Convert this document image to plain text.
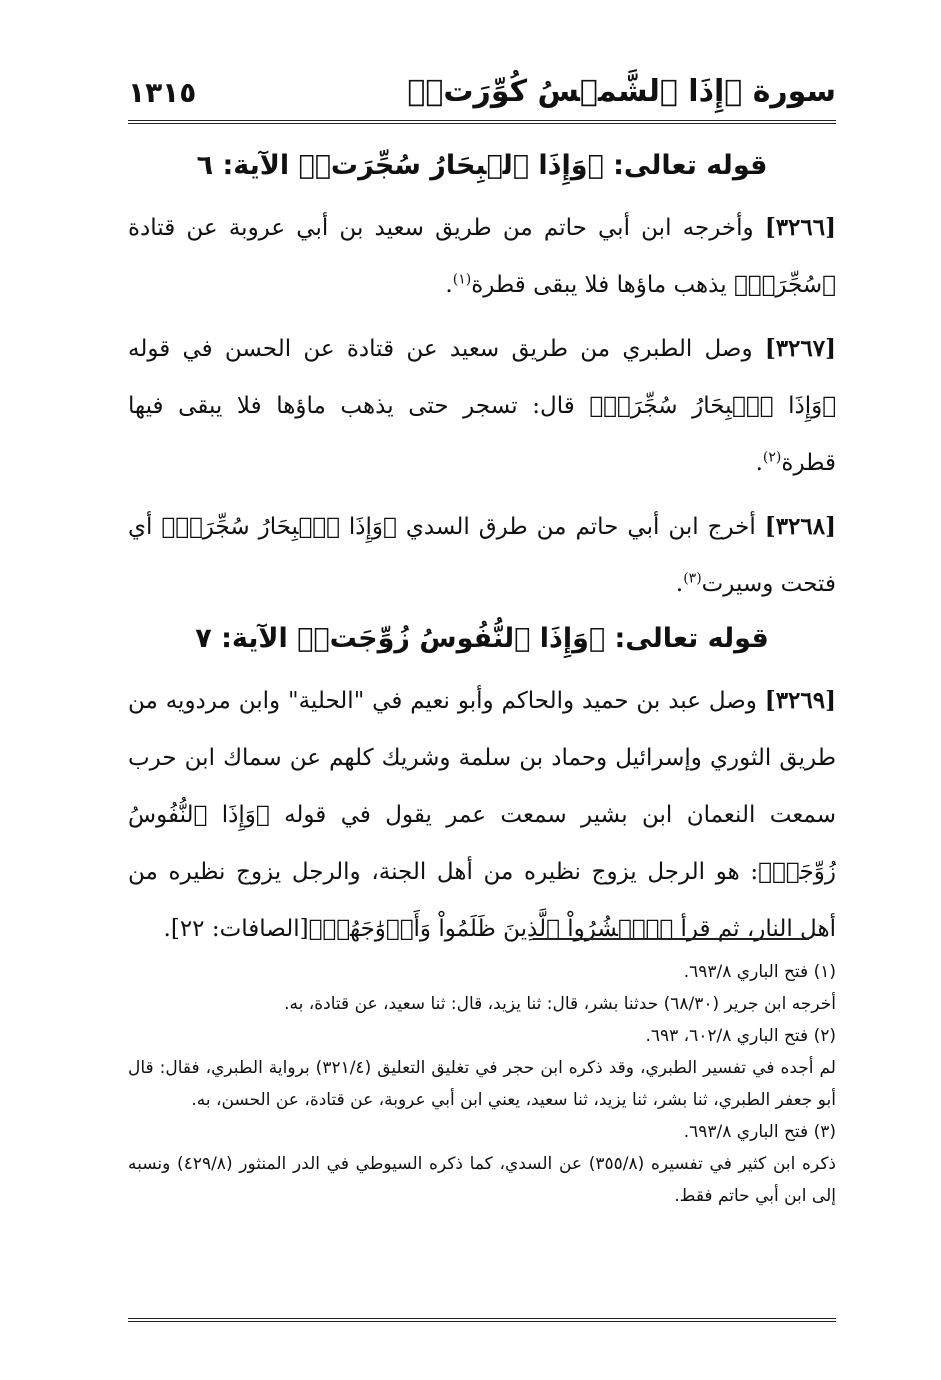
سورة ﴿إِذَا ٱلشَّمۡسُ كُوِّرَتۡ﴾
١٣١٥
قوله تعالى: ﴿وَإِذَا ٱلۡبِحَارُ سُجِّرَتۡ﴾ الآية: ٦

[٣٢٦٦] وأخرجه ابن أبي حاتم من طريق سعيد بن أبي عروبة عن قتادة ﴿سُجِّرَتۡ﴾ يذهب ماؤها فلا يبقى قطرة$^{(١)}$.

[٣٢٦٧] وصل الطبري من طريق سعيد عن قتادة عن الحسن في قوله ﴿وَإِذَا ٱلۡبِحَارُ سُجِّرَتۡ﴾ قال: تسجر حتى يذهب ماؤها فلا يبقى فيها قطرة$^{(٢)}$.

[٣٢٦٨] أخرج ابن أبي حاتم من طرق السدي ﴿وَإِذَا ٱلۡبِحَارُ سُجِّرَتۡ﴾ أي فتحت وسيرت$^{(٣)}$.

قوله تعالى: ﴿وَإِذَا ٱلنُّفُوسُ زُوِّجَتۡ﴾ الآية: ٧

[٣٢٦٩] وصل عبد بن حميد والحاكم وأبو نعيم في "الحلية" وابن مردويه من طريق الثوري وإسرائيل وحماد بن سلمة وشريك كلهم عن سماك ابن حرب سمعت النعمان ابن بشير سمعت عمر يقول في قوله ﴿وَإِذَا ٱلنُّفُوسُ زُوِّجَتۡ﴾: هو الرجل يزوج نظيره من أهل الجنة، والرجل يزوج نظيره من أهل النار، ثم قرأ ﴿ٱحۡشُرُواْ ٱلَّذِينَ ظَلَمُواْ وَأَزۡوَٰجَهُمۡ﴾[الصافات: ٢٢].

(١) فتح الباري ٦٩٣/٨.

أخرجه ابن جرير (٦٨/٣٠) حدثنا بشر، قال: ثنا يزيد، قال: ثنا سعيد، عن قتادة، به.

(٢) فتح الباري ٦٠٢/٨، ٦٩٣.

لم أجده في تفسير الطبري، وقد ذكره ابن حجر في تغليق التعليق (٣٢١/٤) برواية الطبري، فقال: قال أبو جعفر الطبري، ثنا بشر، ثنا يزيد، ثنا سعيد، يعني ابن أبي عروبة، عن قتادة، عن الحسن، به.

(٣) فتح الباري ٦٩٣/٨.

ذكره ابن كثير في تفسيره (٣٥٥/٨) عن السدي، كما ذكره السيوطي في الدر المنثور (٤٢٩/٨) ونسبه إلى ابن أبي حاتم فقط.
